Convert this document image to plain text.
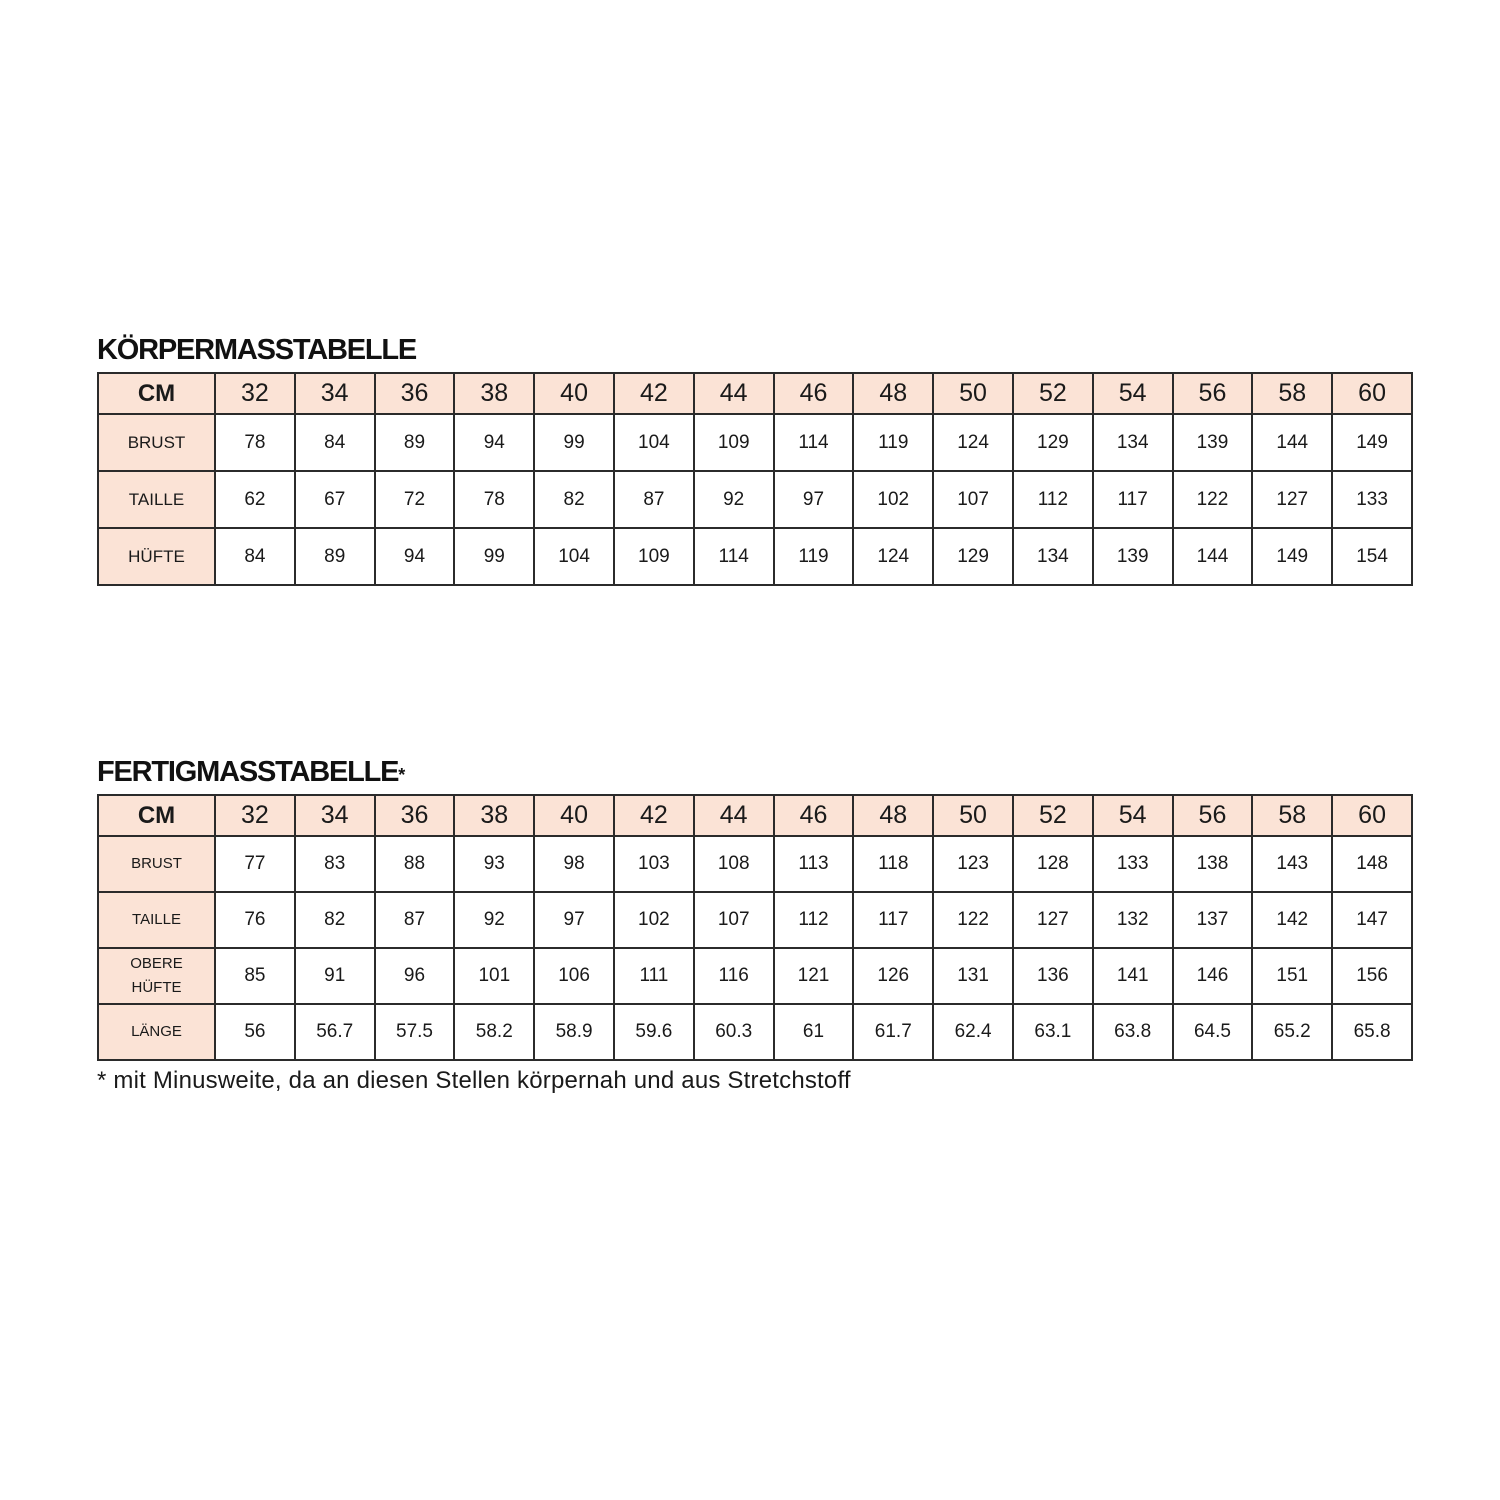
KÖRPERMASSTABELLE
CM	32	34	36	38	40	42	44	46	48	50	52	54	56	58	60
BRUST	78	84	89	94	99	104	109	114	119	124	129	134	139	144	149
TAILLE	62	67	72	78	82	87	92	97	102	107	112	117	122	127	133
HÜFTE	84	89	94	99	104	109	114	119	124	129	134	139	144	149	154
FERTIGMASSTABELLE*
CM	32	34	36	38	40	42	44	46	48	50	52	54	56	58	60
BRUST	77	83	88	93	98	103	108	113	118	123	128	133	138	143	148
TAILLE	76	82	87	92	97	102	107	112	117	122	127	132	137	142	147
OBERE
HÜFTE	85	91	96	101	106	111	116	121	126	131	136	141	146	151	156
LÄNGE	56	56.7	57.5	58.2	58.9	59.6	60.3	61	61.7	62.4	63.1	63.8	64.5	65.2	65.8
* mit Minusweite, da an diesen Stellen körpernah und aus Stretchstoff
